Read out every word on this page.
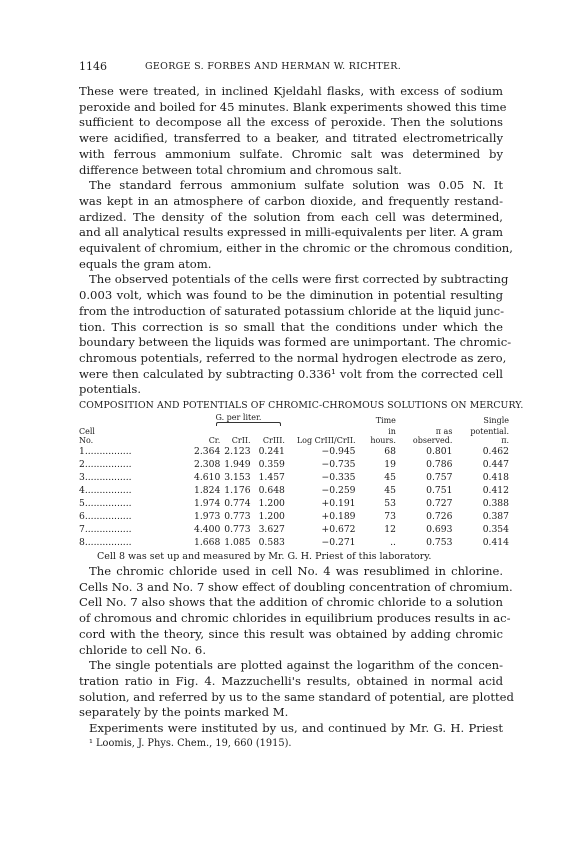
1146	GEORGE S. FORBES AND HERMAN W. RICHTER.
These were treated, in inclined Kjeldahl flasks, with excess of sodium
peroxide and boiled for 45 minutes. Blank experiments showed this time
sufficient to decompose all the excess of peroxide. Then the solutions
were acidified, transferred to a beaker, and titrated electrometrically
with ferrous ammonium sulfate. Chromic salt was determined by
difference between total chromium and chromous salt.
The standard ferrous ammonium sulfate solution was 0.05 N. It
was kept in an atmosphere of carbon dioxide, and frequently restand-
ardized. The density of the solution from each cell was determined,
and all analytical results expressed in milli-equivalents per liter. A gram
equivalent of chromium, either in the chromic or the chromous condition,
equals the gram atom.
The observed potentials of the cells were first corrected by subtracting
0.003 volt, which was found to be the diminution in potential resulting
from the introduction of saturated potassium chloride at the liquid junc-
tion. This correction is so small that the conditions under which the
boundary between the liquids was formed are unimportant. The chromic-
chromous potentials, referred to the normal hydrogen electrode as zero,
were then calculated by subtracting 0.336¹ volt from the corrected cell
potentials.
COMPOSITION AND POTENTIALS OF CHROMIC-CHROMOUS SOLUTIONS ON MERCURY.
	G. per liter.				Time		Single
Cell					in	π as	potential.
No.	Cr.	CrII.	CrIII.	Log CrIII/CrII.	hours.	observed.	π.
1................	2.364	2.123	0.241	−0.945	68	0.801	0.462
2................	2.308	1.949	0.359	−0.735	19	0.786	0.447
3................	4.610	3.153	1.457	−0.335	45	0.757	0.418
4................	1.824	1.176	0.648	−0.259	45	0.751	0.412
5................	1.974	0.774	1.200	+0.191	53	0.727	0.388
6................	1.973	0.773	1.200	+0.189	73	0.726	0.387
7................	4.400	0.773	3.627	+0.672	12	0.693	0.354
8................	1.668	1.085	0.583	−0.271	..	0.753	0.414
Cell 8 was set up and measured by Mr. G. H. Priest of this laboratory.
The chromic chloride used in cell No. 4 was resublimed in chlorine.
Cells No. 3 and No. 7 show effect of doubling concentration of chromium.
Cell No. 7 also shows that the addition of chromic chloride to a solution
of chromous and chromic chlorides in equilibrium produces results in ac-
cord with the theory, since this result was obtained by adding chromic
chloride to cell No. 6.
The single potentials are plotted against the logarithm of the concen-
tration ratio in Fig. 4. Mazzuchelli's results, obtained in normal acid
solution, and referred by us to the same standard of potential, are plotted
separately by the points marked M.
Experiments were instituted by us, and continued by Mr. G. H. Priest
¹ Loomis, J. Phys. Chem., 19, 660 (1915).
